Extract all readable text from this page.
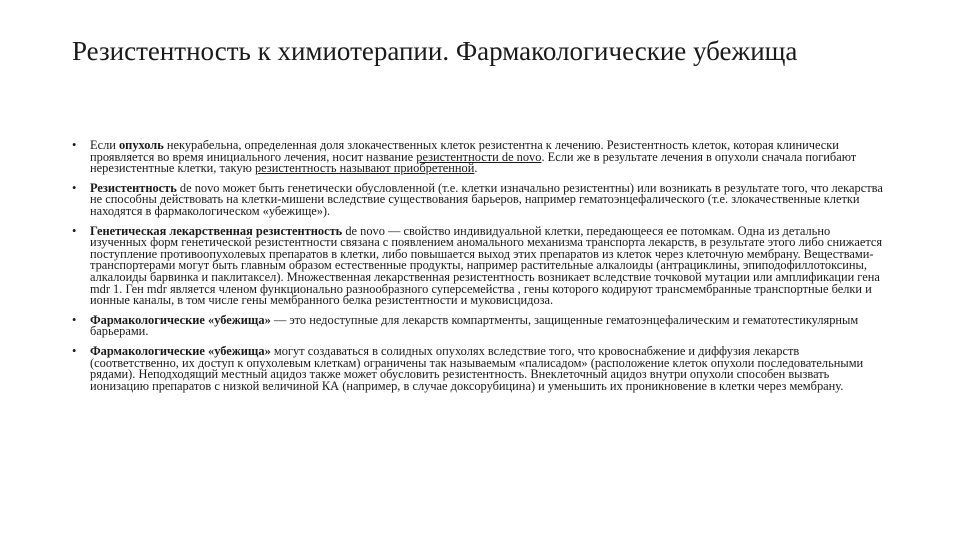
Резистентность к химиотерапии. Фармакологические убежища
• Если опухоль некурабельна, определенная доля злокачественных клеток резистентна к лечению. Резистентность клеток, которая клинически проявляется во время инициального лечения, носит название резистентности de novo. Если же в результате лечения в опухоли сначала погибают нерезистентные клетки, такую резистентность называют приобретенной.
• Резистентность de novo может быть генетически обусловленной (т.е. клетки изначально резистентны) или возникать в результате того, что лекарства не способны действовать на клетки-мишени вследствие существования барьеров, например гематоэнцефалического (т.е. злокачественные клетки находятся в фармакологическом «убежище»).
• Генетическая лекарственная резистентность de novo — свойство индивидуальной клетки, передающееся ее потомкам. Одна из детально изученных форм генетической резистентности связана с появлением аномального механизма транспорта лекарств, в результате этого либо снижается поступление противоопухолевых препаратов в клетки, либо повышается выход этих препаратов из клеток через клеточную мембрану. Веществами-транспортерами могут быть главным образом естественные продукты, например растительные алкалоиды (антрациклины, эпиподофиллотоксины, алкалоиды барвинка и паклитаксел). Множественная лекарственная резистентность возникает вследствие точковой мутации или амплификации гена mdr 1. Ген mdr является членом функционально разнообразного суперсемейства , гены которого кодируют трансмембранные транспортные белки и ионные каналы, в том числе гены мембранного белка резистентности и муковисцидоза.
• Фармакологические «убежища» — это недоступные для лекарств компартменты, защищенные гематоэнцефалическим и гематотестикулярным барьерами.
• Фармакологические «убежища» могут создаваться в солидных опухолях вследствие того, что кровоснабжение и диффузия лекарств (соответственно, их доступ к опухолевым клеткам) ограничены так называемым «палисадом» (расположение клеток опухоли последовательными рядами). Неподходящий местный ацидоз также может обусловить резистентность. Внеклеточный ацидоз внутри опухоли способен вызвать ионизацию препаратов с низкой величиной КА (например, в случае доксорубицина) и уменьшить их проникновение в клетки через мембрану.
